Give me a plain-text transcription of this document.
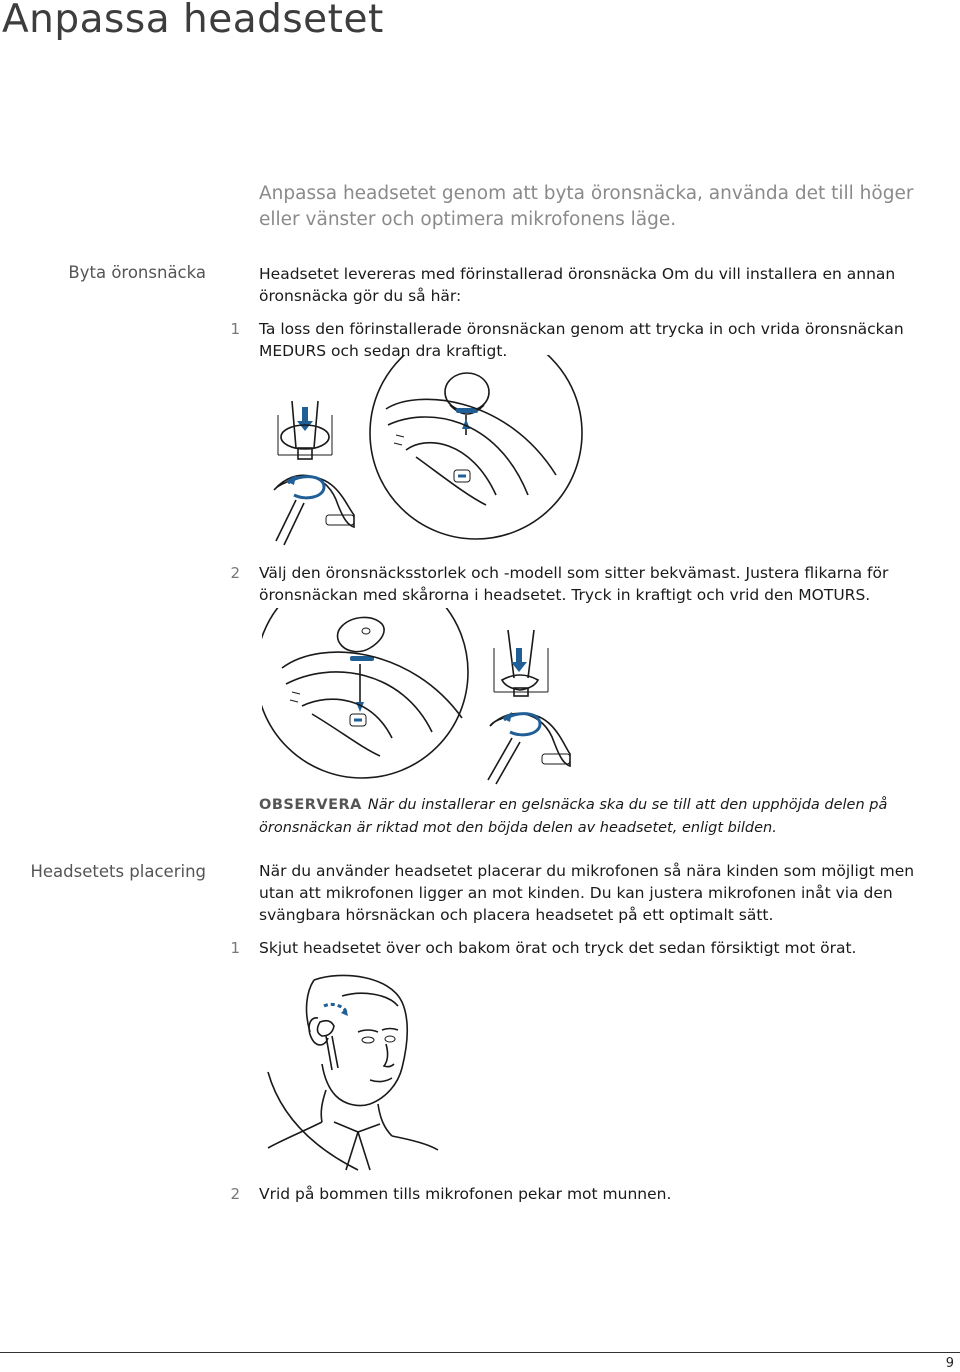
Anpassa headsetet
Anpassa headsetet genom att byta öronsnäcka, använda det till höger eller vänster och optimera mikrofonens läge.
Byta öronsnäcka	Headsetet levereras med förinstallerad öronsnäcka Om du vill installera en annan öronsnäcka gör du så här:
1 Ta loss den förinstallerade öronsnäckan genom att trycka in och vrida öronsnäckan MEDURS och sedan dra kraftigt.
2 Välj den öronsnäcksstorlek och -modell som sitter bekvämast. Justera flikarna för öronsnäckan med skårorna i headsetet. Tryck in kraftigt och vrid den MOTURS.
OBSERVERA När du installerar en gelsnäcka ska du se till att den upphöjda delen på öronsnäckan är riktad mot den böjda delen av headsetet, enligt bilden.
Headsetets placering	När du använder headsetet placerar du mikrofonen så nära kinden som möjligt men utan att mikrofonen ligger an mot kinden. Du kan justera mikrofonen inåt via den svängbara hörsnäckan och placera headsetet på ett optimalt sätt.
1 Skjut headsetet över och bakom örat och tryck det sedan försiktigt mot örat.
2 Vrid på bommen tills mikrofonen pekar mot munnen.
9
